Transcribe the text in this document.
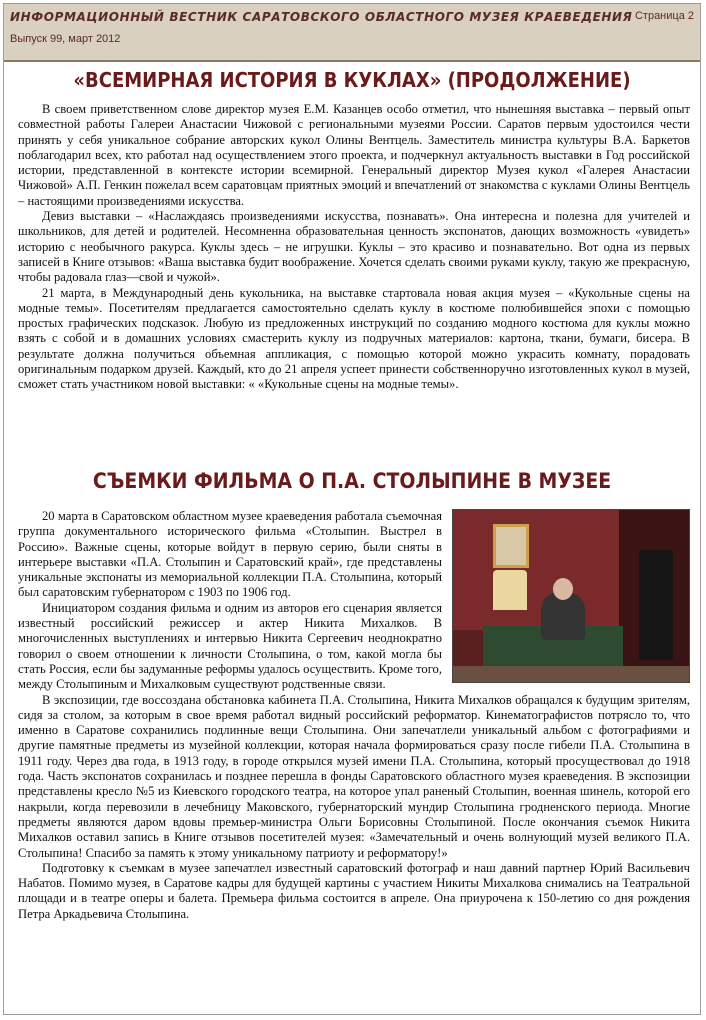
ИНФОРМАЦИОННЫЙ ВЕСТНИК САРАТОВСКОГО ОБЛАСТНОГО МУЗЕЯ КРАЕВЕДЕНИЯ
Выпуск 99, март 2012
Страница 2
«ВСЕМИРНАЯ ИСТОРИЯ В КУКЛАХ» (ПРОДОЛЖЕНИЕ)

В своем приветственном слове директор музея Е.М. Казанцев особо отметил, что нынешняя выставка – первый опыт совместной работы Галереи Анастасии Чижовой с региональными музеями России. Саратов первым удостоился чести принять у себя уникальное собрание авторских кукол Олины Вентцель. Заместитель министра культуры В.А. Баркетов поблагодарил всех, кто работал над осуществлением этого проекта, и подчеркнул актуальность выставки в Год российской истории, представленной в контексте истории всемирной. Генеральный директор Музея кукол «Галерея Анастасии Чижовой» А.П. Генкин пожелал всем саратовцам приятных эмоций и впечатлений от знакомства с куклами Олины Вентцель – настоящими произведениями искусства.

Девиз выставки – «Наслаждаясь произведениями искусства, познавать». Она интересна и полезна для учителей и школьников, для детей и родителей. Несомненна образовательная ценность экспонатов, дающих возможность «увидеть» историю с необычного ракурса. Куклы здесь – не игрушки. Куклы – это красиво и познавательно. Вот одна из первых записей в Книге отзывов: «Ваша выставка будит воображение. Хочется сделать своими руками куклу, такую же прекрасную, чтобы радовала глаз—свой и чужой».

21 марта, в Международный день кукольника, на выставке стартовала новая акция музея – «Кукольные сцены на модные темы». Посетителям предлагается самостоятельно сделать куклу в костюме полюбившейся эпохи с помощью простых графических подсказок. Любую из предложенных инструкций по созданию модного костюма для куклы можно взять с собой и в домашних условиях смастерить куклу из подручных материалов: картона, ткани, бумаги, бисера. В результате должна получиться объемная аппликация, с помощью которой можно украсить комнату, порадовать оригинальным подарком друзей. Каждый, кто до 21 апреля успеет принести собственноручно изготовленных кукол в музей, сможет стать участником новой выставки: « «Кукольные сцены на модные темы».

СЪЕМКИ ФИЛЬМА О П.А. СТОЛЫПИНЕ В МУЗЕЕ

20 марта в Саратовском областном музее краеведения работала съемочная группа документального исторического фильма «Столыпин. Выстрел в Россию». Важные сцены, которые войдут в первую серию, были сняты в интерьере выставки «П.А. Столыпин и Саратовский край», где представлены уникальные экспонаты из мемориальной коллекции П.А. Столыпина, который был саратовским губернатором с 1903 по 1906 год.

Инициатором создания фильма и одним из авторов его сценария является известный российский режиссер и актер Никита Михалков. В многочисленных выступлениях и интервью Никита Сергеевич неоднократно говорил о своем отношении к личности Столыпина, о том, какой могла бы стать Россия, если бы задуманные реформы удалось осуществить. Кроме того, между Столыпиным и Михалковым существуют родственные связи.

В экспозиции, где воссоздана обстановка кабинета П.А. Столыпина, Никита Михалков обращался к будущим зрителям, сидя за столом, за которым в свое время работал видный российский реформатор. Кинематографистов потрясло то, что именно в Саратове сохранились подлинные вещи Столыпина. Они запечатлели уникальный альбом с фотографиями и другие памятные предметы из музейной коллекции, которая начала формироваться сразу после гибели П.А. Столыпина в 1911 году. Через два года, в 1913 году, в городе открылся музей имени П.А. Столыпина, который просуществовал до 1918 года. Часть экспонатов сохранилась и позднее перешла в фонды Саратовского областного музея краеведения. В экспозиции представлены кресло №5 из Киевского городского театра, на которое упал раненый Столыпин, военная шинель, которой его накрыли, когда перевозили в лечебницу Маковского, губернаторский мундир Столыпина гродненского периода. Многие предметы являются даром вдовы премьер-министра Ольги Борисовны Столыпиной. После окончания съемок Никита Михалков оставил запись в Книге отзывов посетителей музея: «Замечательный и очень волнующий музей великого П.А. Столыпина! Спасибо за память к этому уникальному патриоту и реформатору!»

Подготовку к съемкам в музее запечатлел известный саратовский фотограф и наш давний партнер Юрий Васильевич Набатов. Помимо музея, в Саратове кадры для будущей картины с участием Никиты Михалкова снимались на Театральной площади и в театре оперы и балета. Премьера фильма состоится в апреле. Она приурочена к 150-летию со дня рождения Петра Аркадьевича Столыпина.
